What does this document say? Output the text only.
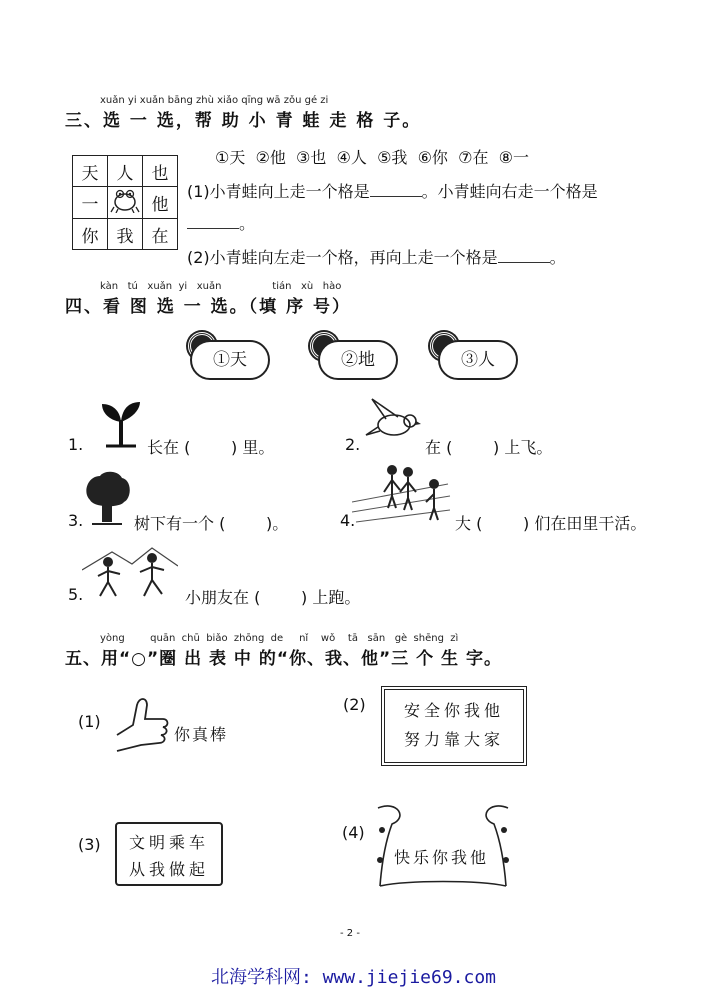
xuǎn yi xuǎn bāng zhù xiǎo qīng wā zǒu gé zi
三、选 一 选，帮 助 小 青 蛙 走 格 子。
天	人	也
一		他
你	我	在
①天  ②他  ③也  ④人  ⑤我  ⑥你  ⑦在  ⑧一
(1)小青蛙向上走一个格是	。小青蛙向右走一个格是
。
(2)小青蛙向左走一个格，再向上走一个格是	。
kàn   tú   xuǎn  yi   xuǎn                tián   xù   hào
四、看 图 选 一 选。（填 序 号）
①天	②地	③人
1.	长在 (        ) 里。	2.	在 (        ) 上飞。
3.	树下有一个 (        )。	4.	大 (        ) 们在田里干活。
5.	小朋友在 (        ) 上跑。
yòng        quān  chū  biǎo  zhōng  de     nǐ    wǒ    tā   sān   gè  shēng  zì
五、用“○”圈 出 表 中 的“你、我、他”三 个 生 字。
(1)
你真棒
(2)	安全你我他
努力靠大家
(3)	文明乘车
从我做起
(4)
快乐你我他
- 2 -
北海学科网: www.jiejie69.com
